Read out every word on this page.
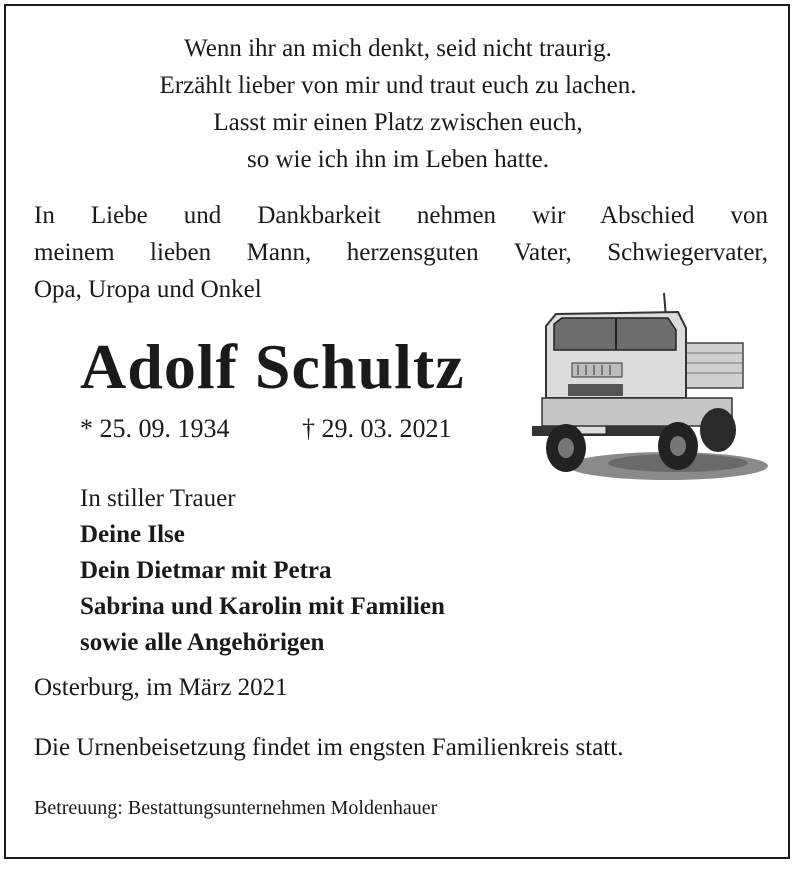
Wenn ihr an mich denkt, seid nicht traurig.
Erzählt lieber von mir und traut euch zu lachen.
Lasst mir einen Platz zwischen euch,
so wie ich ihn im Leben hatte.
In Liebe und Dankbarkeit nehmen wir Abschied von
meinem lieben Mann, herzensguten Vater, Schwiegervater,
Opa, Uropa und Onkel
Adolf Schultz
* 25. 09. 1934	† 29. 03. 2021
In stiller Trauer
Deine Ilse
Dein Dietmar mit Petra
Sabrina und Karolin mit Familien
sowie alle Angehörigen
Osterburg, im März 2021
Die Urnenbeisetzung findet im engsten Familienkreis statt.
Betreuung: Bestattungsunternehmen Moldenhauer
